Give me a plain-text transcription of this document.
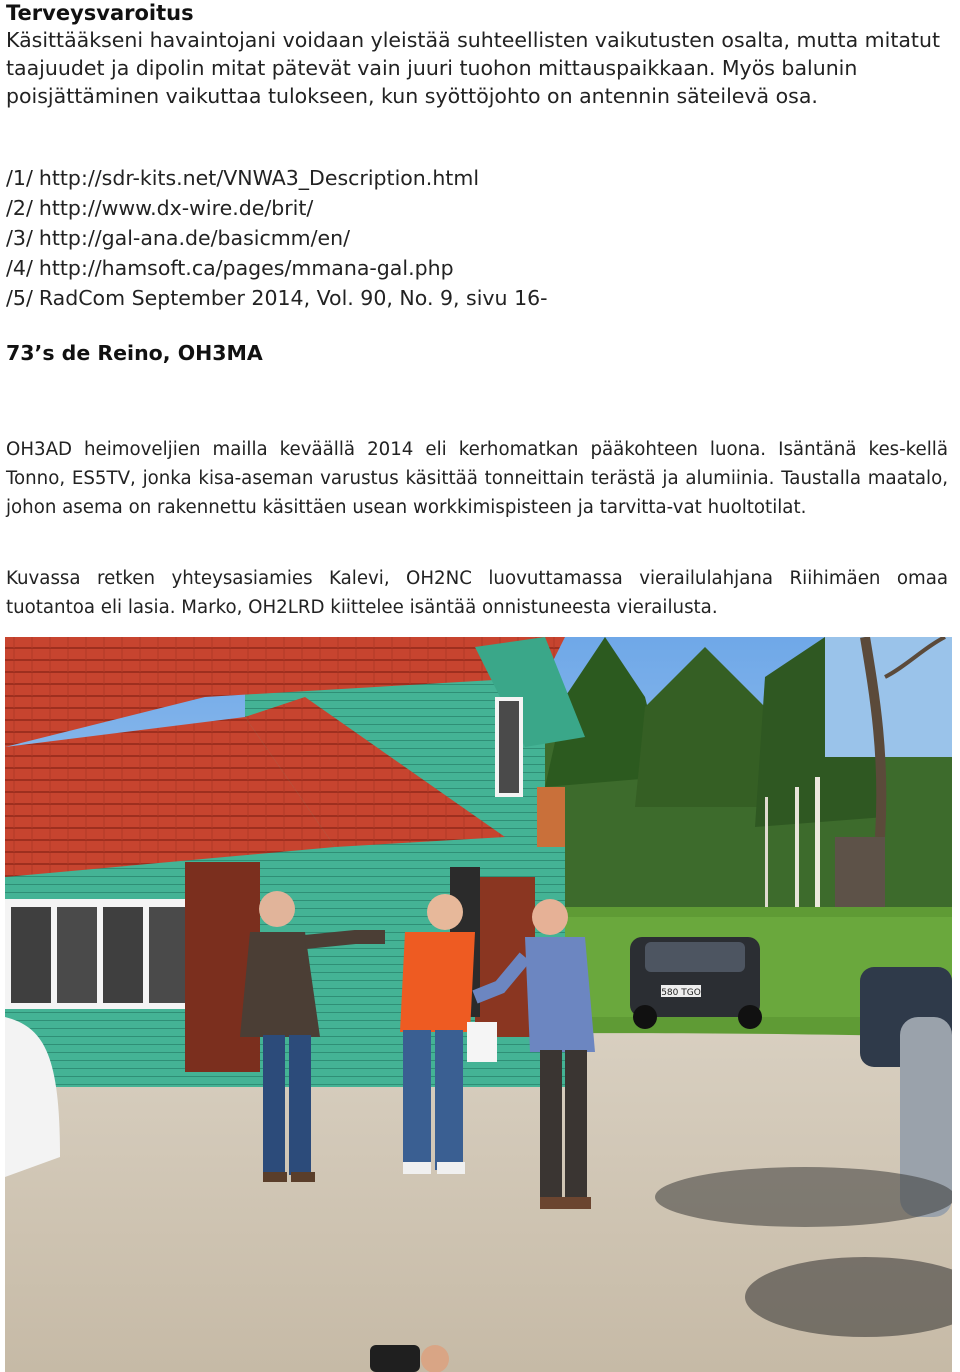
Terveysvaroitus

Käsittääkseni havaintojani voidaan yleistää suhteellisten vaikutusten osalta, mutta mitatut taajuudet ja dipolin mitat pätevät vain juuri tuohon mittauspaikkaan. Myös balunin poisjättäminen vaikuttaa tulokseen, kun syöttöjohto on antennin säteilevä osa.

/1/ http://sdr-kits.net/VNWA3_Description.html
/2/ http://www.dx-wire.de/brit/
/3/ http://gal-ana.de/basicmm/en/
/4/ http://hamsoft.ca/pages/mmana-gal.php
/5/ RadCom September 2014, Vol. 90, No. 9, sivu 16-

73’s de Reino, OH3MA

OH3AD heimoveljien mailla keväällä 2014 eli kerhomatkan pääkohteen luona. Isäntänä kes-kellä Tonno, ES5TV, jonka kisa-aseman varustus käsittää tonneittain terästä ja alumiinia. Taustalla maatalo, johon asema on rakennettu käsittäen usean workkimispisteen ja tarvitta-vat huoltotilat.

Kuvassa retken yhteysasiamies Kalevi, OH2NC luovuttamassa vierailulahjana Riihimäen omaa tuotantoa eli lasia. Marko, OH2LRD kiittelee isäntää onnistuneesta vierailusta.

580 TGO
